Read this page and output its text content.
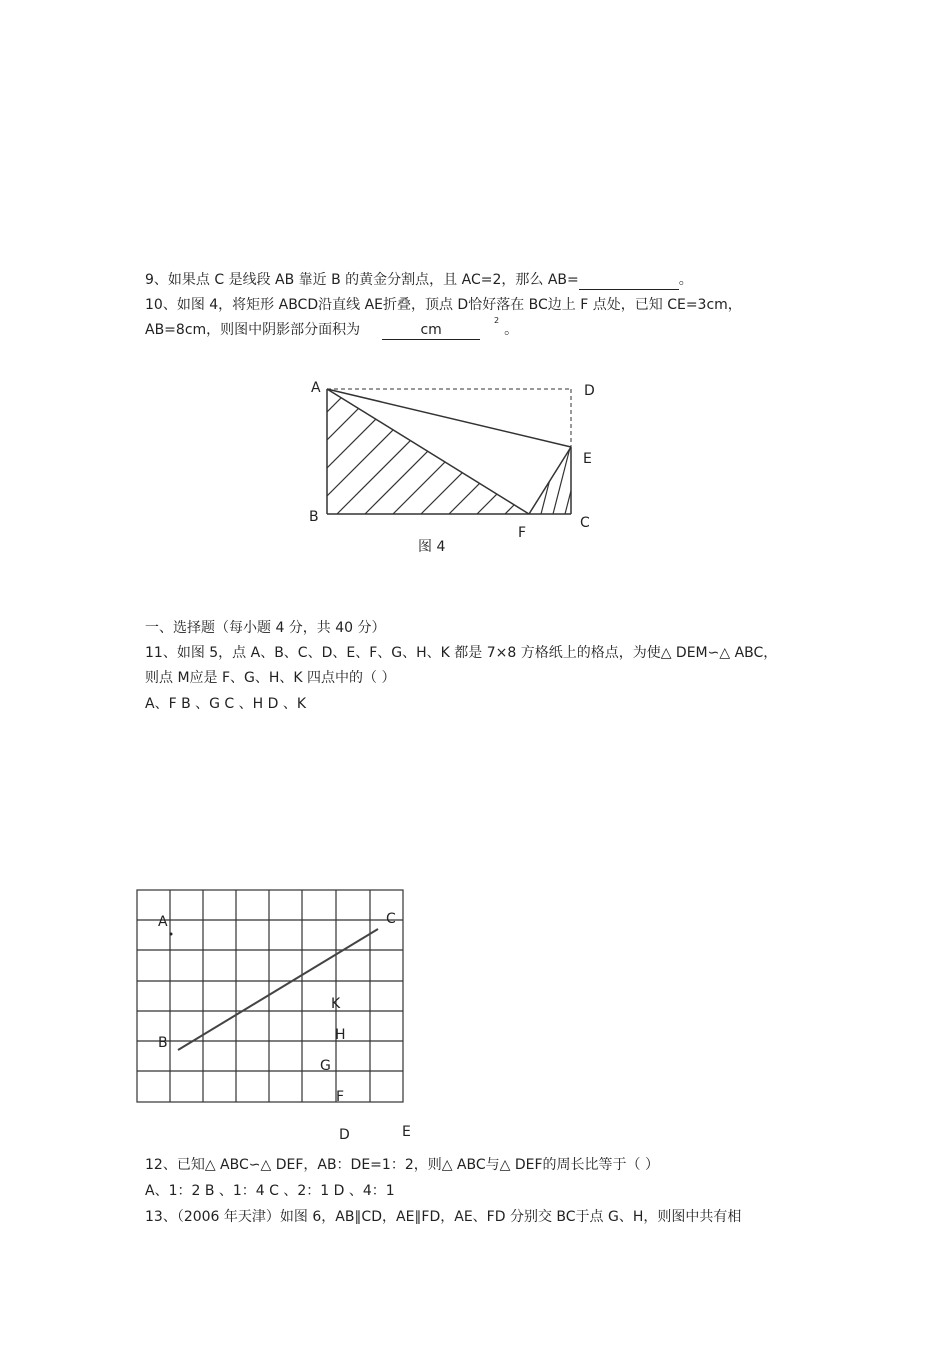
9、如果点 C 是线段 AB 靠近 B 的黄金分割点，且 AC=2，那么 AB=	。
10、如图 4，将矩形 ABCD沿直线 AE折叠，顶点 D恰好落在 BC边上 F 点处，已知 CE=3cm，
AB=8cm，则图中阴影部分面积为	cm	。
2
A	D
E
B	C
F
图 4
一、选择题（每小题 4 分，共 40 分）
11、如图 5，点 A、B、C、D、E、F、G、H、K 都是 7×8 方格纸上的格点，为使△ DEM∽△ ABC，
则点 M应是 F、G、H、K 四点中的（ ）
A、F B 、G C 、H D 、K
A	C
K
H
B
G
F
D	E
12、已知△ ABC∽△ DEF，AB：DE=1：2，则△ ABC与△ DEF的周长比等于（ ）
A、1：2 B 、1：4 C 、2：1 D 、4：1
13、（2006 年天津）如图 6，AB∥CD，AE∥FD，AE、FD 分别交 BC于点 G、H，则图中共有相
